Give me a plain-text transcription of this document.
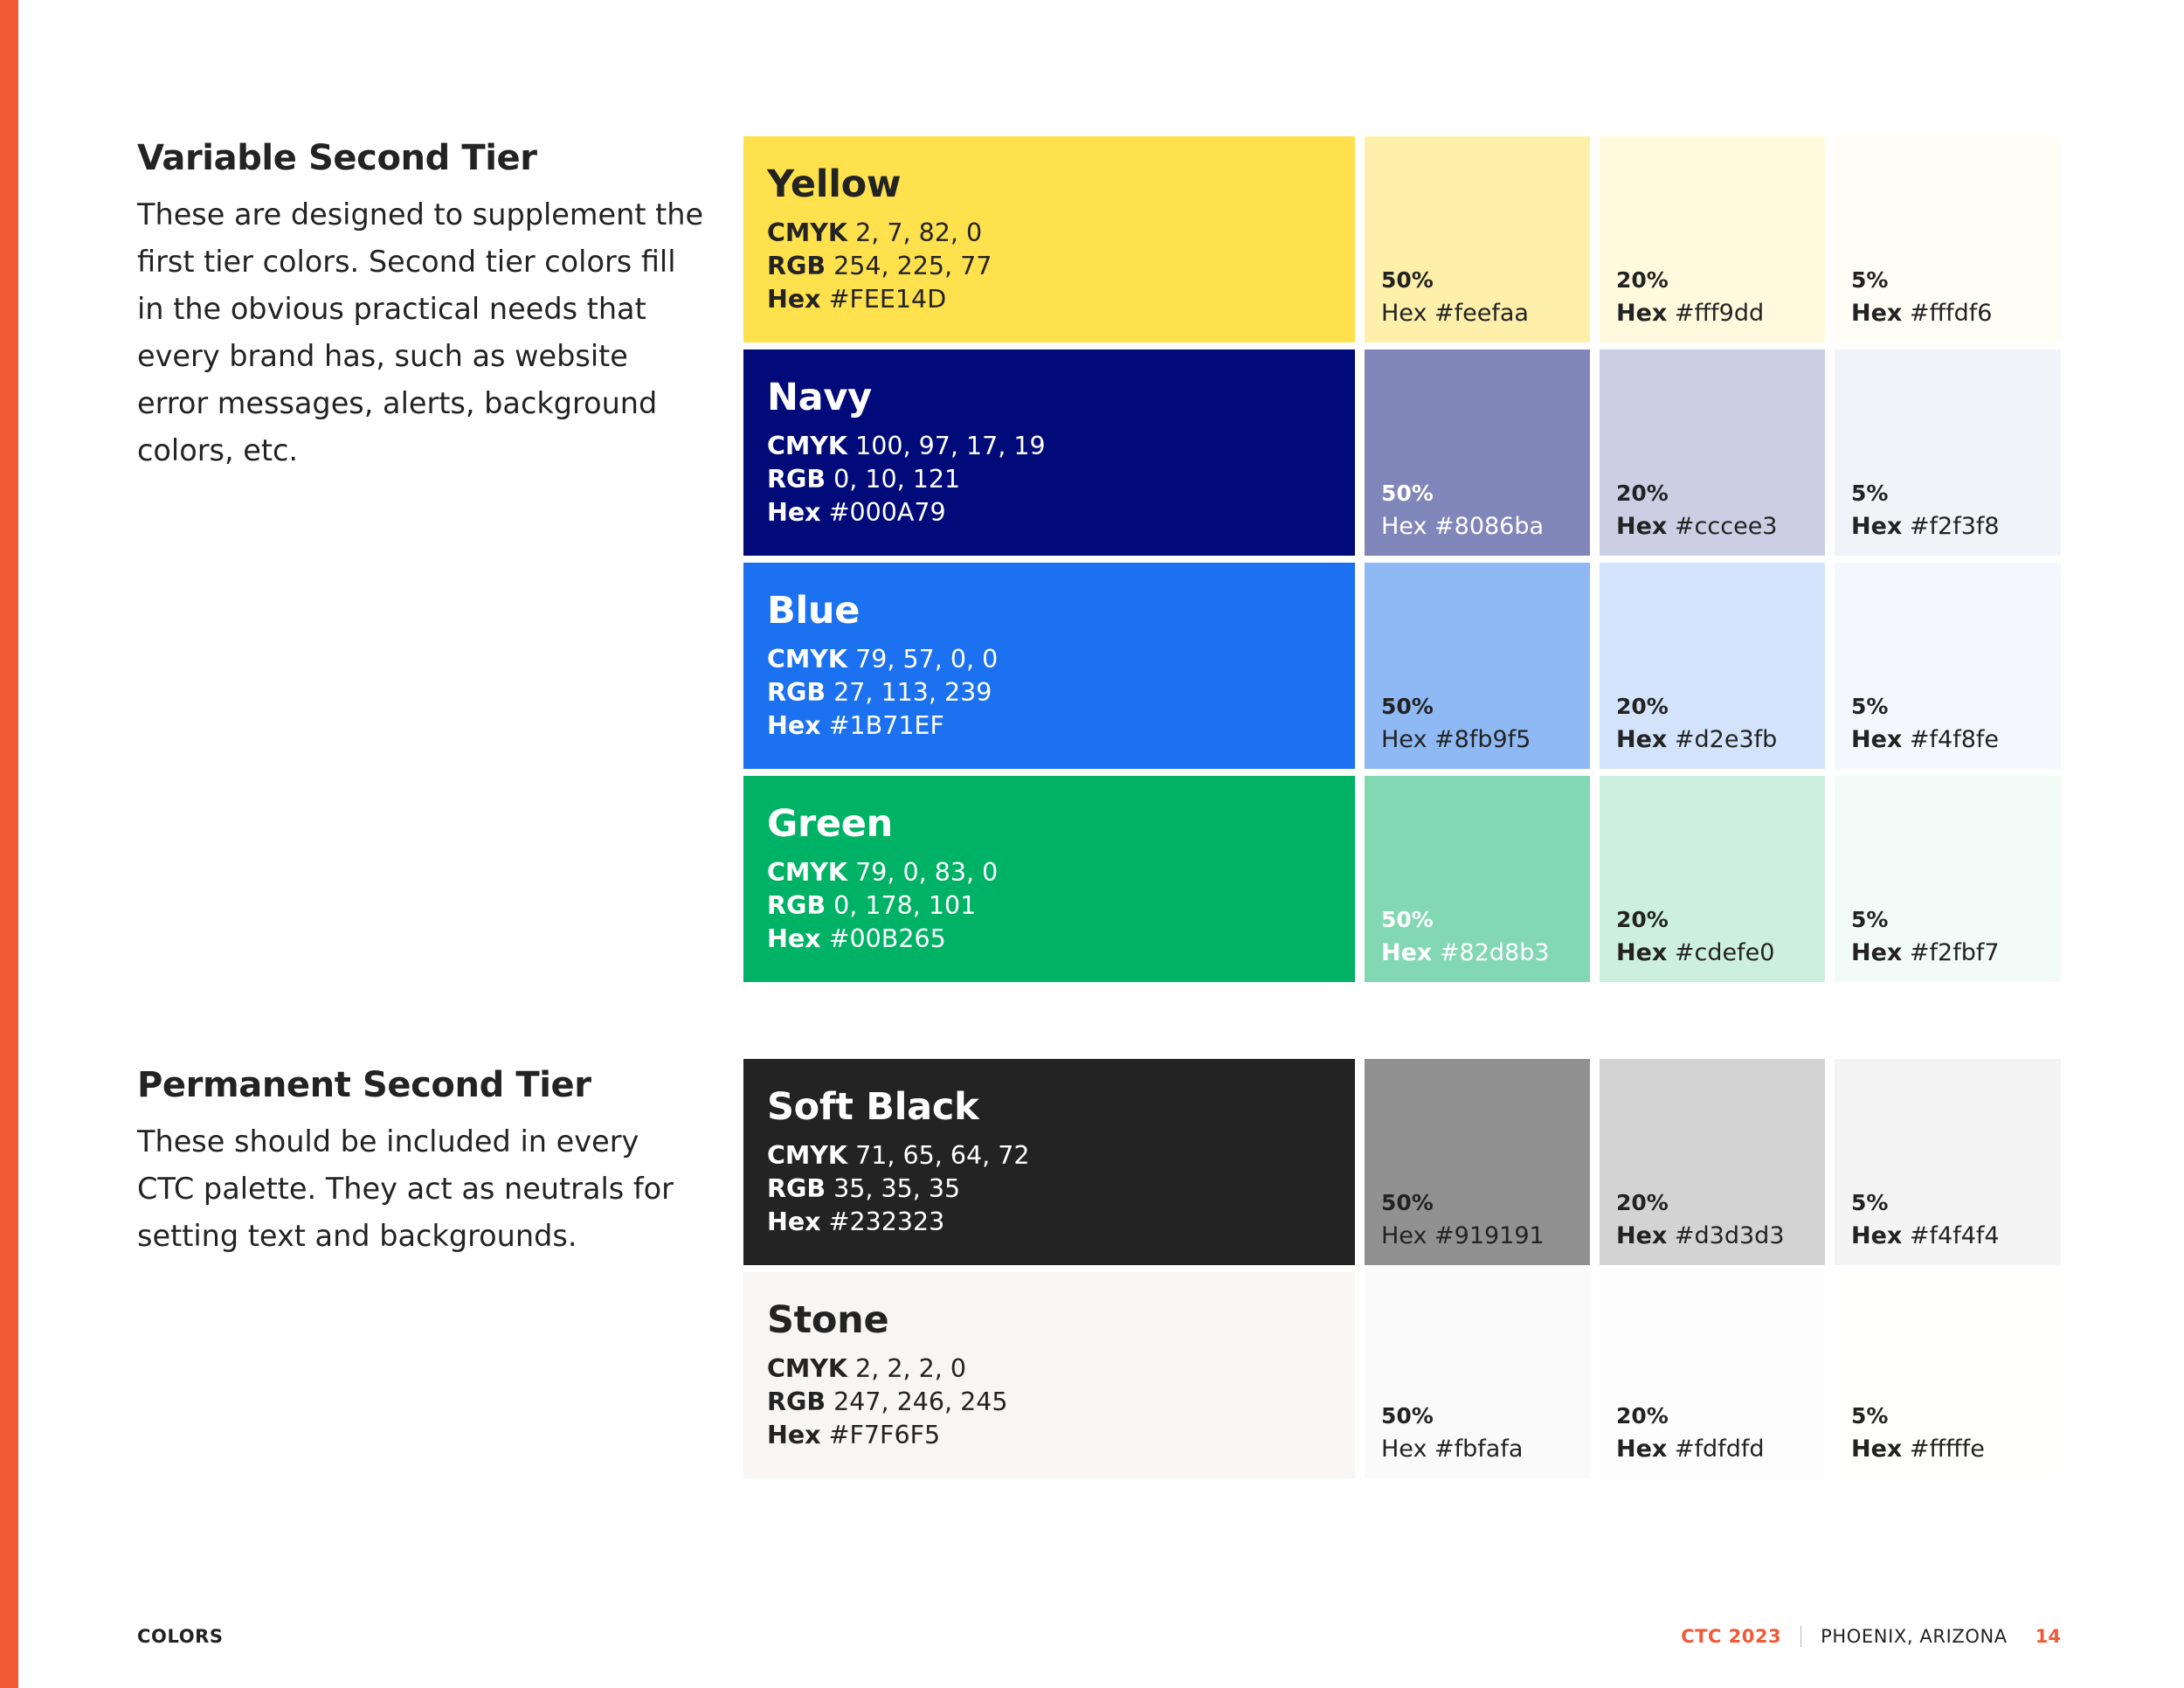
Variable Second Tier

These are designed to supplement the first tier colors. Second tier colors fill in the obvious practical needs that every brand has, such as website error messages, alerts, background colors, etc.

Permanent Second Tier

These should be included in every CTC palette. They act as neutrals for setting text and backgrounds.

Yellow

CMYK 2, 7, 82, 0

RGB 254, 225, 77

Hex #FEE14D

50%

Hex #feefaa

20%

Hex #fff9dd

5%

Hex #fffdf6

Navy

CMYK 100, 97, 17, 19

RGB 0, 10, 121

Hex #000A79

50%

Hex #8086ba

20%

Hex #cccee3

5%

Hex #f2f3f8

Blue

CMYK 79, 57, 0, 0

RGB 27, 113, 239

Hex #1B71EF

50%

Hex #8fb9f5

20%

Hex #d2e3fb

5%

Hex #f4f8fe

Green

CMYK 79, 0, 83, 0

RGB 0, 178, 101

Hex #00B265

50%

Hex #82d8b3

20%

Hex #cdefe0

5%

Hex #f2fbf7

Soft Black

CMYK 71, 65, 64, 72

RGB 35, 35, 35

Hex #232323

50%

Hex #919191

20%

Hex #d3d3d3

5%

Hex #f4f4f4

Stone

CMYK 2, 2, 2, 0

RGB 247, 246, 245

Hex #F7F6F5

50%

Hex #fbfafa

20%

Hex #fdfdfd

5%

Hex #fffffe

COLORS	CTC 2023 PHOENIX, ARIZONA 14
